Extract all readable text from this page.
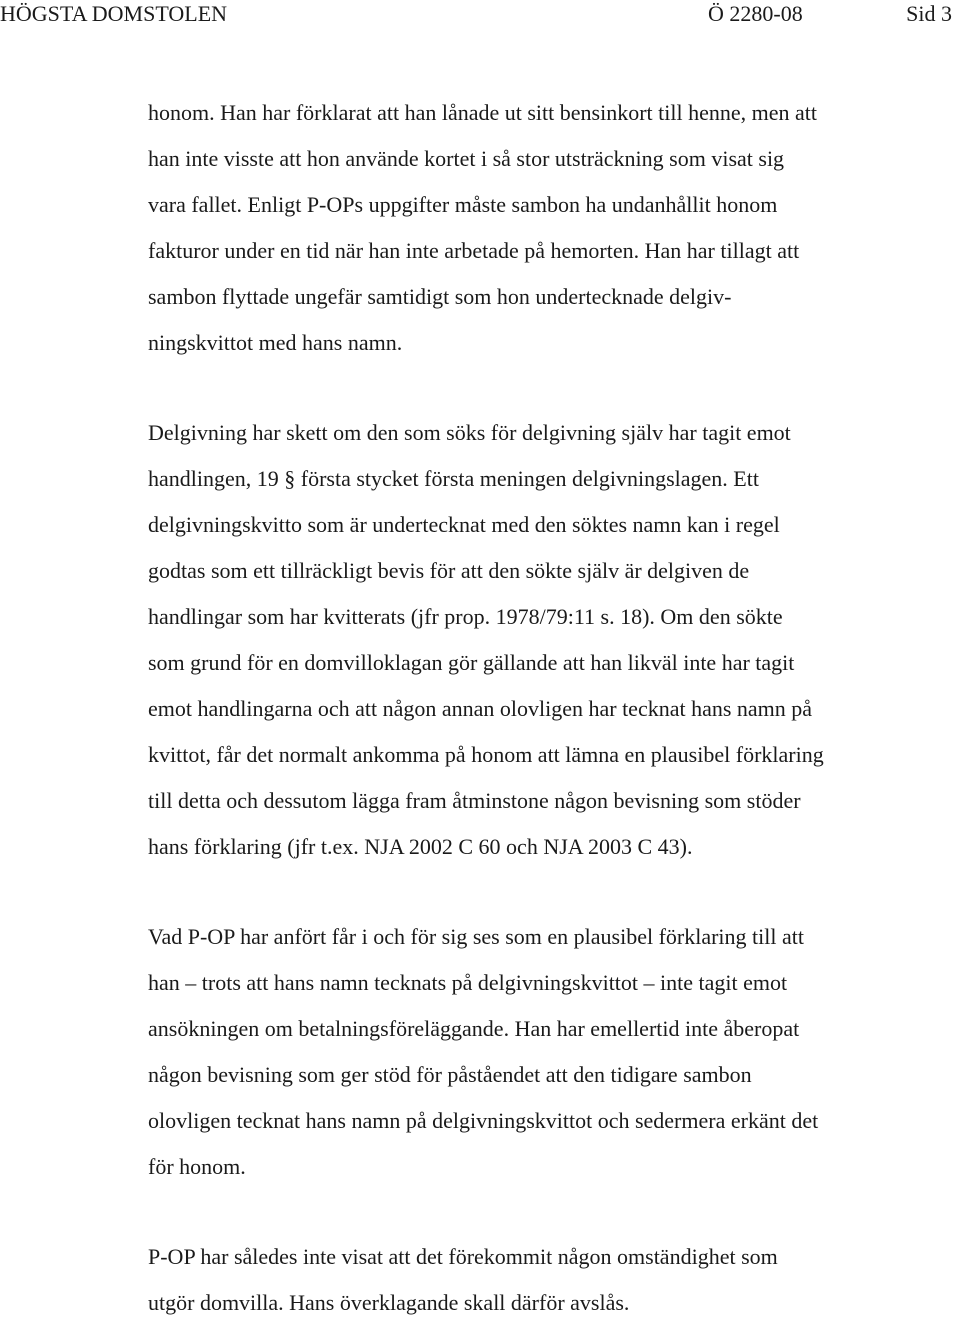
HÖGSTA DOMSTOLEN	Ö 2280-08	Sid 3
honom. Han har förklarat att han lånade ut sitt bensinkort till henne, men att
han inte visste att hon använde kortet i så stor utsträckning som visat sig
vara fallet. Enligt P-OPs uppgifter måste sambon ha undanhållit honom
fakturor under en tid när han inte arbetade på hemorten. Han har tillagt att
sambon flyttade ungefär samtidigt som hon undertecknade delgiv-
ningskvittot med hans namn.
Delgivning har skett om den som söks för delgivning själv har tagit emot
handlingen, 19 § första stycket första meningen delgivningslagen. Ett
delgivningskvitto som är undertecknat med den söktes namn kan i regel
godtas som ett tillräckligt bevis för att den sökte själv är delgiven de
handlingar som har kvitterats (jfr prop. 1978/79:11 s. 18). Om den sökte
som grund för en domvilloklagan gör gällande att han likväl inte har tagit
emot handlingarna och att någon annan olovligen har tecknat hans namn på
kvittot, får det normalt ankomma på honom att lämna en plausibel förklaring
till detta och dessutom lägga fram åtminstone någon bevisning som stöder
hans förklaring (jfr t.ex. NJA 2002 C 60 och NJA 2003 C 43).
Vad P-OP har anfört får i och för sig ses som en plausibel förklaring till att
han – trots att hans namn tecknats på delgivningskvittot – inte tagit emot
ansökningen om betalningsföreläggande. Han har emellertid inte åberopat
någon bevisning som ger stöd för påståendet att den tidigare sambon
olovligen tecknat hans namn på delgivningskvittot och sedermera erkänt det
för honom.
P-OP har således inte visat att det förekommit någon omständighet som
utgör domvilla. Hans överklagande skall därför avslås.
